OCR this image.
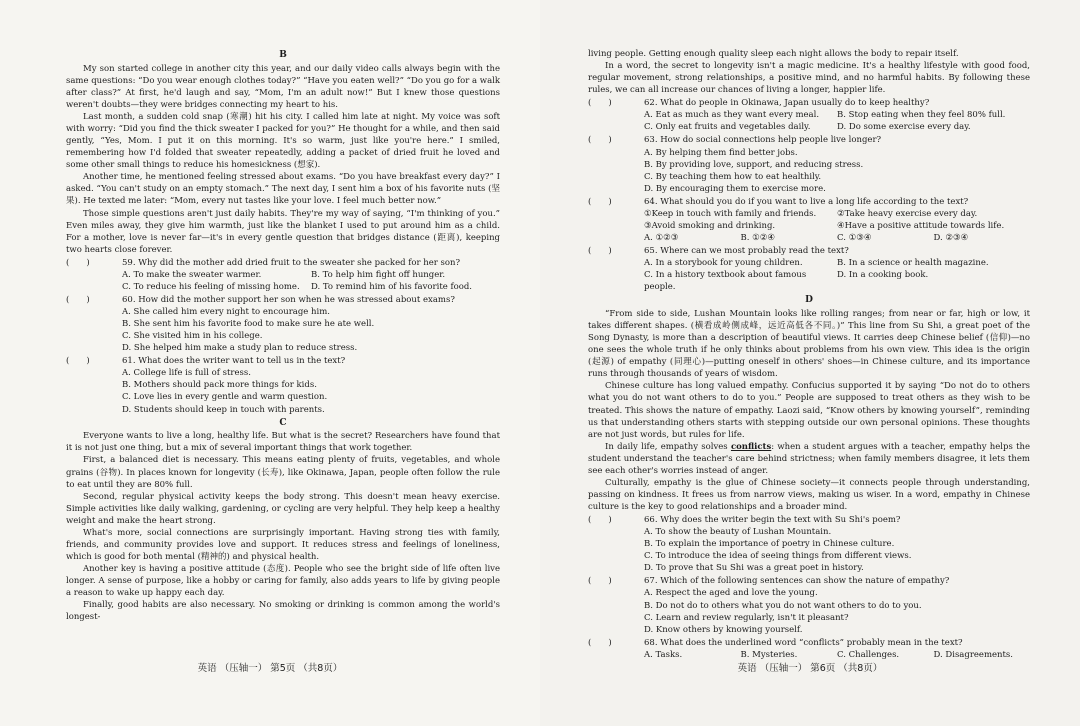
B

My son started college in another city this year, and our daily video calls always begin with the same questions: “Do you wear enough clothes today?” “Have you eaten well?” “Do you go for a walk after class?” At first, he'd laugh and say, “Mom, I'm an adult now!” But I knew those questions weren't doubts—they were bridges connecting my heart to his.

Last month, a sudden cold snap (寒潮) hit his city. I called him late at night. My voice was soft with worry: “Did you find the thick sweater I packed for you?” He thought for a while, and then said gently, “Yes, Mom. I put it on this morning. It's so warm, just like you're here.” I smiled, remembering how I'd folded that sweater repeatedly, adding a packet of dried fruit he loved and some other small things to reduce his homesickness (想家).

Another time, he mentioned feeling stressed about exams. “Do you have breakfast every day?” I asked. “You can't study on an empty stomach.” The next day, I sent him a box of his favorite nuts (坚果). He texted me later: “Mom, every nut tastes like your love. I feel much better now.”

Those simple questions aren't just daily habits. They're my way of saying, “I'm thinking of you.” Even miles away, they give him warmth, just like the blanket I used to put around him as a child. For a mother, love is never far—it's in every gentle question that bridges distance (距离), keeping two hearts close forever.

(　　)	59. Why did the mother add dried fruit to the sweater she packed for her son?
A. To make the sweater warmer.	B. To help him fight off hunger.
C. To reduce his feeling of missing home.	D. To remind him of his favorite food.
(　　)	60. How did the mother support her son when he was stressed about exams?
A. She called him every night to encourage him.
B. She sent him his favorite food to make sure he ate well.
C. She visited him in his college.
D. She helped him make a study plan to reduce stress.
(　　)	61. What does the writer want to tell us in the text?
A. College life is full of stress.
B. Mothers should pack more things for kids.
C. Love lies in every gentle and warm question.
D. Students should keep in touch with parents.
C

Everyone wants to live a long, healthy life. But what is the secret? Researchers have found that it is not just one thing, but a mix of several important things that work together.

First, a balanced diet is necessary. This means eating plenty of fruits, vegetables, and whole grains (谷物). In places known for longevity (长寿), like Okinawa, Japan, people often follow the rule to eat until they are 80% full.

Second, regular physical activity keeps the body strong. This doesn't mean heavy exercise. Simple activities like daily walking, gardening, or cycling are very helpful. They help keep a healthy weight and make the heart strong.

What's more, social connections are surprisingly important. Having strong ties with family, friends, and community provides love and support. It reduces stress and feelings of loneliness, which is good for both mental (精神的) and physical health.

Another key is having a positive attitude (态度). People who see the bright side of life often live longer. A sense of purpose, like a hobby or caring for family, also adds years to life by giving people a reason to wake up happy each day.

Finally, good habits are also necessary. No smoking or drinking is common among the world's longest-

英语 （压轴一） 第5页 （共8页）

living people. Getting enough quality sleep each night allows the body to repair itself.

In a word, the secret to longevity isn't a magic medicine. It's a healthy lifestyle with good food, regular movement, strong relationships, a positive mind, and no harmful habits. By following these rules, we can all increase our chances of living a longer, happier life.

(　　)	62. What do people in Okinawa, Japan usually do to keep healthy?
A. Eat as much as they want every meal.	B. Stop eating when they feel 80% full.
C. Only eat fruits and vegetables daily.	D. Do some exercise every day.
(　　)	63. How do social connections help people live longer?
A. By helping them find better jobs.
B. By providing love, support, and reducing stress.
C. By teaching them how to eat healthily.
D. By encouraging them to exercise more.
(　　)	64. What should you do if you want to live a long life according to the text?
①Keep in touch with family and friends.	②Take heavy exercise every day.
③Avoid smoking and drinking.	④Have a positive attitude towards life.
A. ①②③	B. ①②④	C. ①③④	D. ②③④
(　　)	65. Where can we most probably read the text?
A. In a storybook for young children.	B. In a science or health magazine.
C. In a history textbook about famous people.
D. In a cooking book.
D

“From side to side, Lushan Mountain looks like rolling ranges; from near or far, high or low, it takes different shapes. (横看成岭侧成峰，远近高低各不同。)” This line from Su Shi, a great poet of the Song Dynasty, is more than a description of beautiful views. It carries deep Chinese belief (信仰)—no one sees the whole truth if he only thinks about problems from his own view. This idea is the origin (起源) of empathy (同理心)—putting oneself in others' shoes—in Chinese culture, and its importance runs through thousands of years of wisdom.

Chinese culture has long valued empathy. Confucius supported it by saying “Do not do to others what you do not want others to do to you.” People are supposed to treat others as they wish to be treated. This shows the nature of empathy. Laozi said, “Know others by knowing yourself”, reminding us that understanding others starts with stepping outside our own personal opinions. These thoughts are not just words, but rules for life.

In daily life, empathy solves conflicts: when a student argues with a teacher, empathy helps the student understand the teacher's care behind strictness; when family members disagree, it lets them see each other's worries instead of anger.

Culturally, empathy is the glue of Chinese society—it connects people through understanding, passing on kindness. It frees us from narrow views, making us wiser. In a word, empathy in Chinese culture is the key to good relationships and a broader mind.

(　　)	66. Why does the writer begin the text with Su Shi's poem?
A. To show the beauty of Lushan Mountain.
B. To explain the importance of poetry in Chinese culture.
C. To introduce the idea of seeing things from different views.
D. To prove that Su Shi was a great poet in history.
(　　)	67. Which of the following sentences can show the nature of empathy?
A. Respect the aged and love the young.
B. Do not do to others what you do not want others to do to you.
C. Learn and review regularly, isn't it pleasant?
D. Know others by knowing yourself.
(　　)	68. What does the underlined word “conflicts” probably mean in the text?
A. Tasks.	B. Mysteries.	C. Challenges.	D. Disagreements.
英语 （压轴一） 第6页 （共8页）
